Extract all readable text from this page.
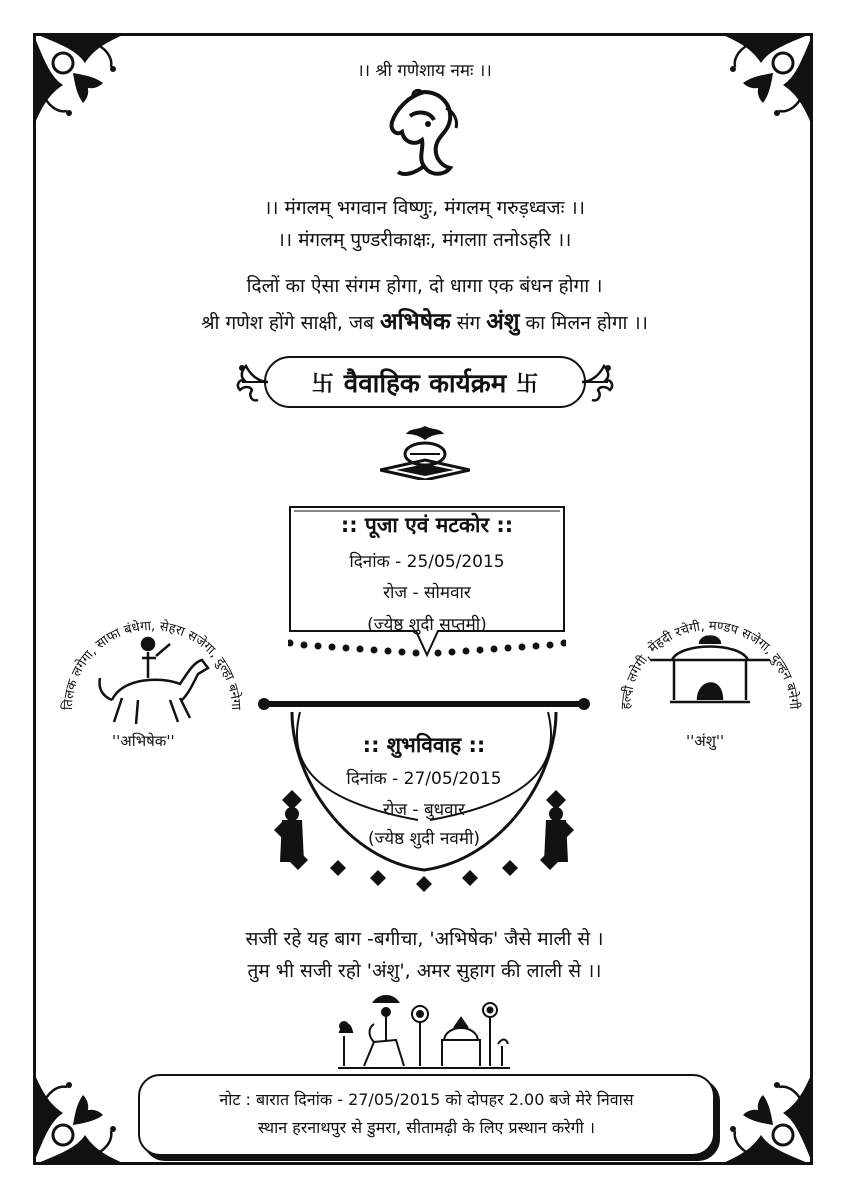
।। श्री गणेशाय नमः ।।
।। मंगलम् भगवान विष्णुः, मंगलम् गरुड़ध्वजः ।।
।। मंगलम् पुण्डरीकाक्षः, मंगलाा तनोऽहरि ।।
दिलों का ऐसा संगम होगा, दो धागा एक बंधन होगा ।
श्री गणेश होंगे साक्षी, जब अभिषेक संग अंशु का मिलन होगा ।।
卐 वैवाहिक कार्यक्रम 卐
:: पूजा एवं मटकोर ::
दिनांक - 25/05/2015
रोज - सोमवार
(ज्येष्ठ शुदी सप्तमी)
तिलक लगेगा, साफा बंधेगा, सेहरा सजेगा, दुल्हा बनेगा
''अभिषेक''
हल्दी लगेगी, मेंहदी रचेगी, मण्डप सजेगा, दुल्हन बनेगी
''अंशु''
:: शुभविवाह ::
दिनांक - 27/05/2015
रोज - बुधवार
(ज्येष्ठ शुदी नवमी)
सजी रहे यह बाग -बगीचा, 'अभिषेक' जैसे माली से ।
तुम भी सजी रहो 'अंशु', अमर सुहाग की लाली से ।।
नोट : बारात दिनांक - 27/05/2015 को दोपहर 2.00 बजे मेरे निवास
स्थान हरनाथपुर से डुमरा, सीतामढ़ी के लिए प्रस्थान करेगी ।
